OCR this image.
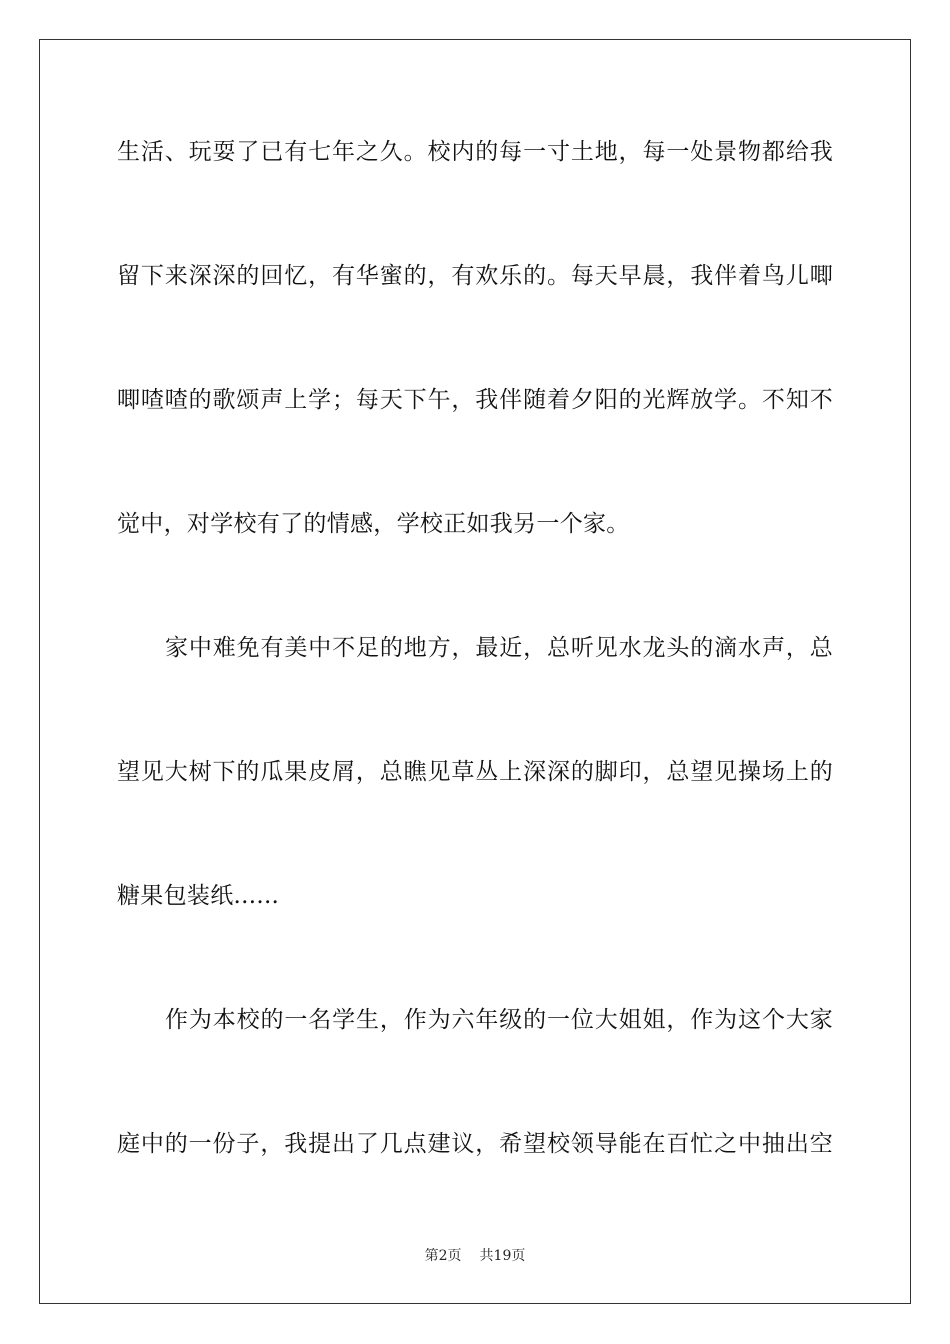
生活、玩耍了已有七年之久。校内的每一寸土地，每一处景物都给我
留下来深深的回忆，有华蜜的，有欢乐的。每天早晨，我伴着鸟儿唧
唧喳喳的歌颂声上学；每天下午，我伴随着夕阳的光辉放学。不知不
觉中，对学校有了的情感，学校正如我另一个家。
家中难免有美中不足的地方，最近，总听见水龙头的滴水声，总
望见大树下的瓜果皮屑，总瞧见草丛上深深的脚印，总望见操场上的
糖果包装纸......
作为本校的一名学生，作为六年级的一位大姐姐，作为这个大家
庭中的一份子，我提出了几点建议，希望校领导能在百忙之中抽出空
第2页 共19页
